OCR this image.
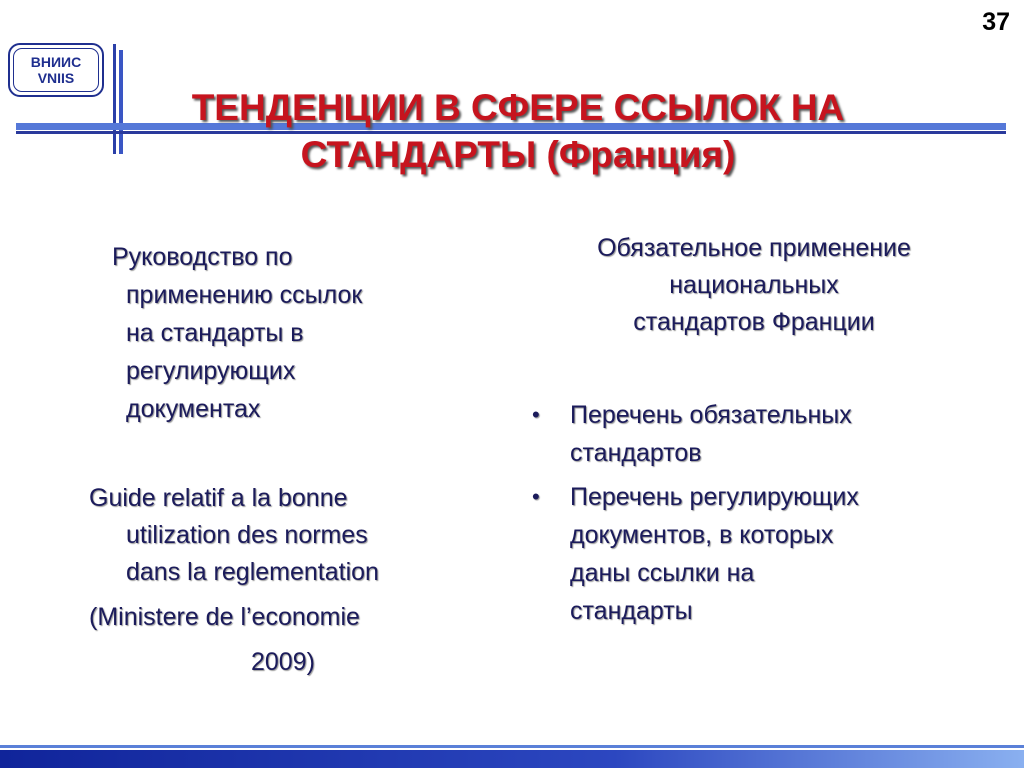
37
ВНИИС
VNIIS
ТЕНДЕНЦИИ В СФЕРЕ ССЫЛОК НА
СТАНДАРТЫ (Франция)
Руководство по
применению ссылок
на стандарты в
регулирующих
документах
Guide relatif a la bonne
utilization des normes
dans la reglementation
(Ministere de l’economie
2009)
Обязательное применение
национальных
стандартов Франции
• Перечень обязательных
стандартов
• Перечень регулирующих
документов, в которых
даны ссылки на
стандарты
